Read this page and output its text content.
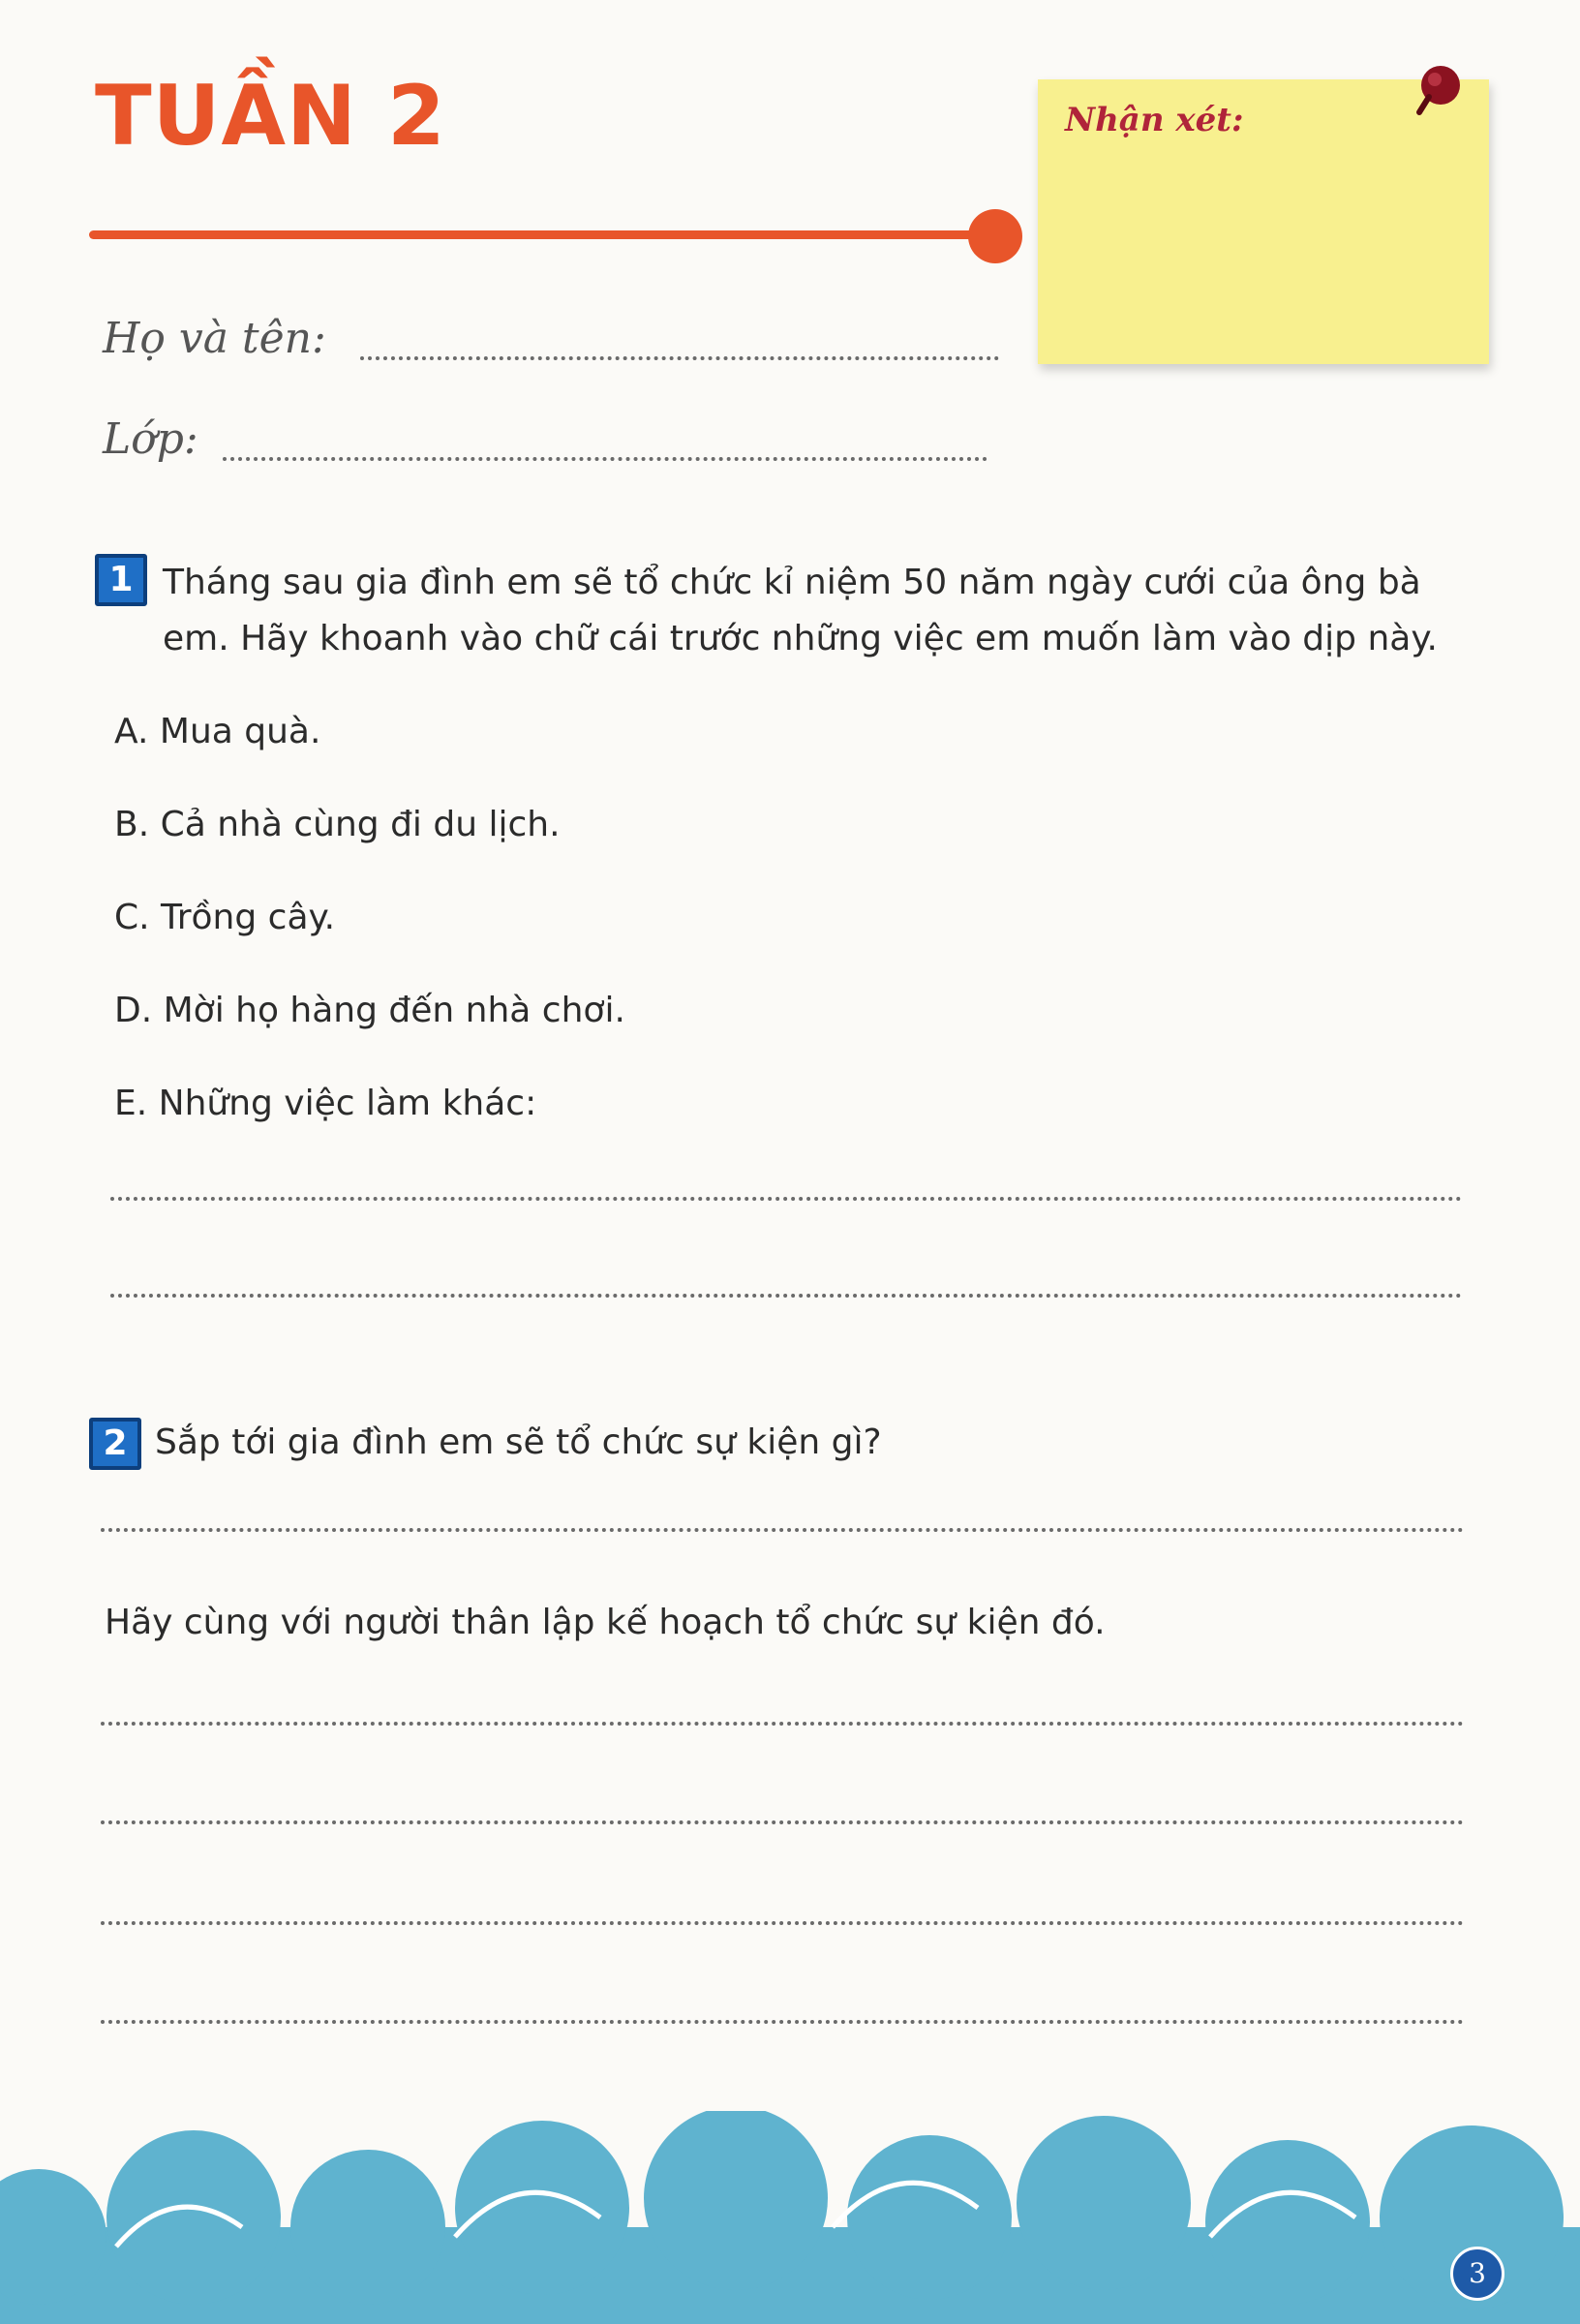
TUẦN 2	Nhận xét:
Họ và tên:
Lớp:
1 Tháng sau gia đình em sẽ tổ chức kỉ niệm 50 năm ngày cưới của ông bà
em. Hãy khoanh vào chữ cái trước những việc em muốn làm vào dịp này.
A. Mua quà.
B. Cả nhà cùng đi du lịch.
C. Trồng cây.
D. Mời họ hàng đến nhà chơi.
E. Những việc làm khác:
2 Sắp tới gia đình em sẽ tổ chức sự kiện gì?
Hãy cùng với người thân lập kế hoạch tổ chức sự kiện đó.
3
